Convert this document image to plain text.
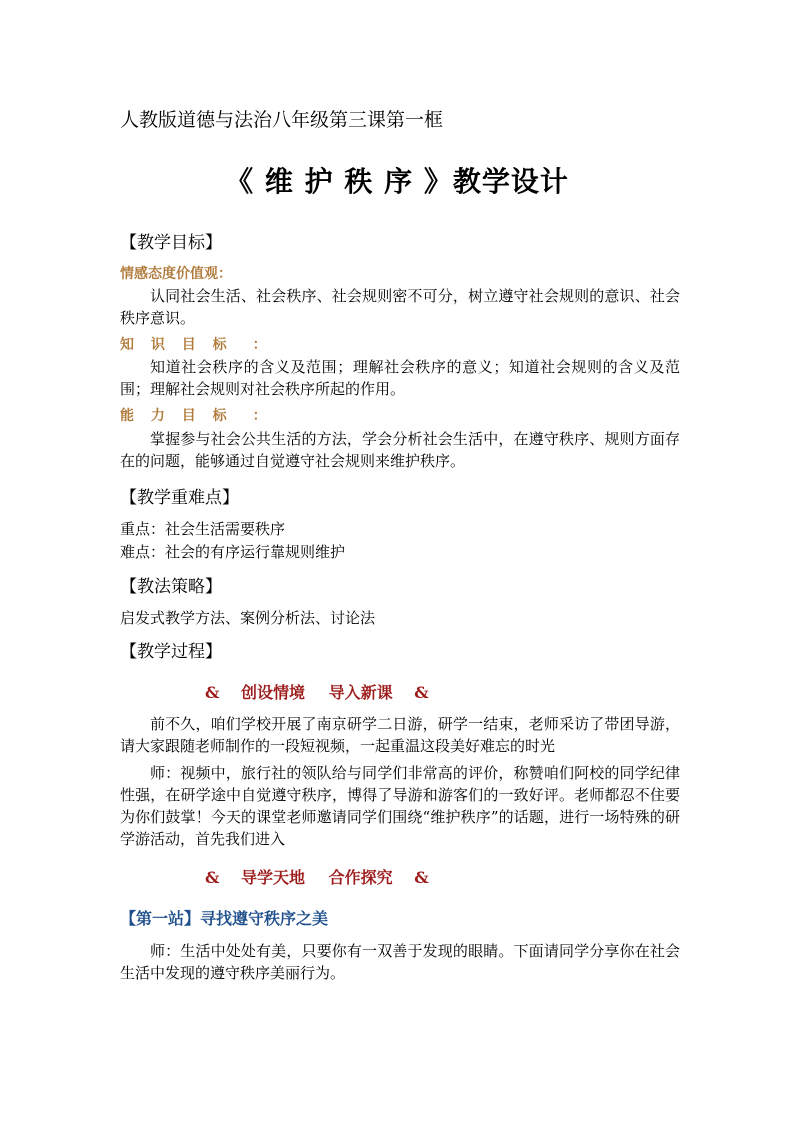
人教版道德与法治八年级第三课第一框
《 维 护 秩 序 》教学设计
【教学目标】
情感态度价值观：
认同社会生活、社会秩序、社会规则密不可分，树立遵守社会规则的意识、社会秩序意识。
知 识 目 标　：
知道社会秩序的含义及范围；理解社会秩序的意义；知道社会规则的含义及范围；理解社会规则对社会秩序所起的作用。
能 力 目 标　：
掌握参与社会公共生活的方法，学会分析社会生活中，在遵守秩序、规则方面存在的问题，能够通过自觉遵守社会规则来维护秩序。
【教学重难点】
重点：社会生活需要秩序
难点：社会的有序运行靠规则维护
【教法策略】
启发式教学方法、案例分析法、讨论法
【教学过程】
& 创设情境 导入新课 &
前不久，咱们学校开展了南京研学二日游，研学一结束，老师采访了带团导游，请大家跟随老师制作的一段短视频，一起重温这段美好难忘的时光
师：视频中，旅行社的领队给与同学们非常高的评价，称赞咱们阿校的同学纪律性强，在研学途中自觉遵守秩序，博得了导游和游客们的一致好评。老师都忍不住要为你们鼓掌！今天的课堂老师邀请同学们围绕“维护秩序”的话题，进行一场特殊的研学游活动，首先我们进入
& 导学天地 合作探究 &
【第一站】寻找遵守秩序之美
师：生活中处处有美，只要你有一双善于发现的眼睛。下面请同学分享你在社会生活中发现的遵守秩序美丽行为。
